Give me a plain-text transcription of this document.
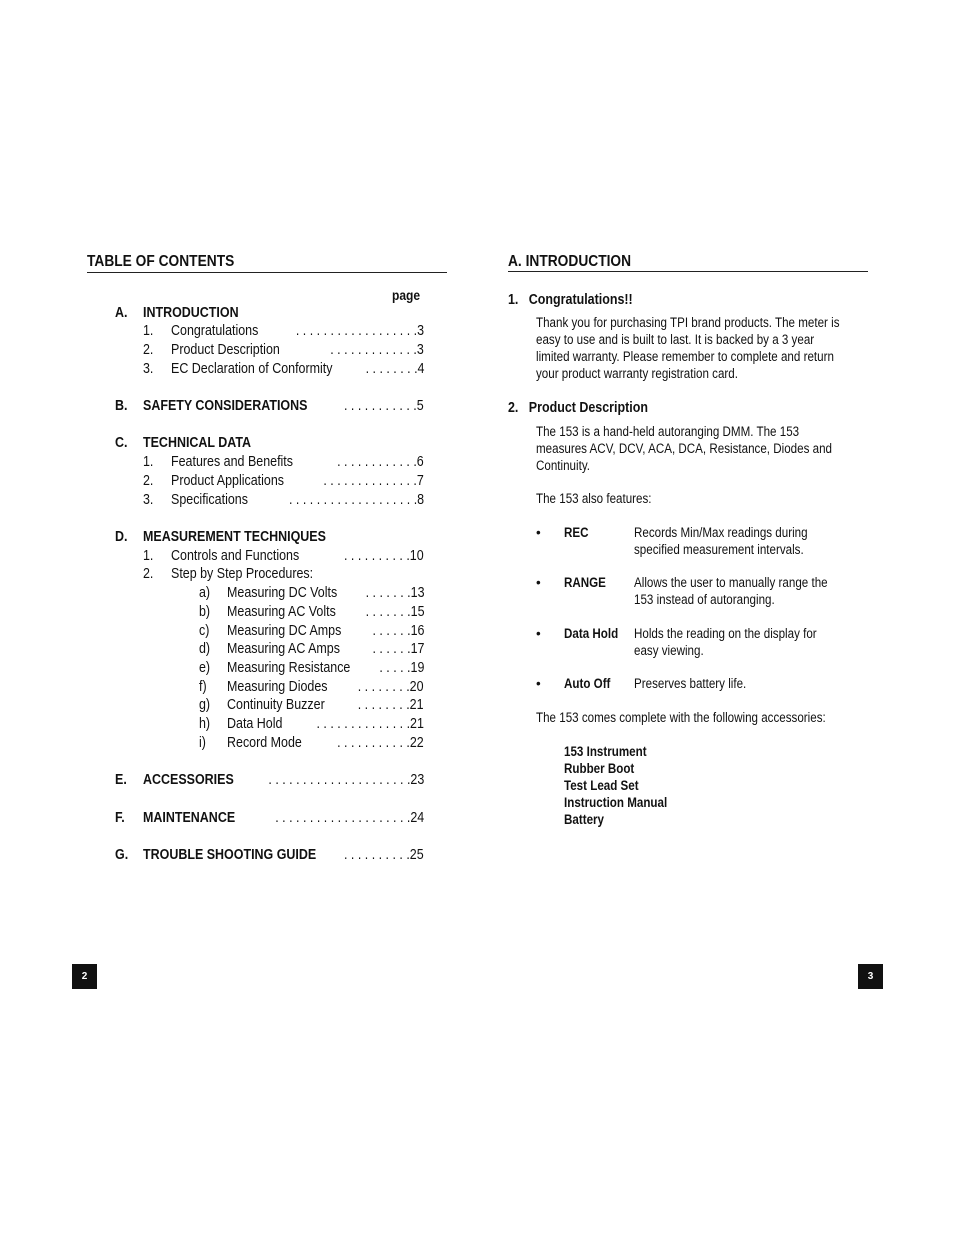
TABLE OF CONTENTS
page
A. INTRODUCTION
1. Congratulations	. . . . . . . . . . . . . . . . . .3
2. Product Description	. . . . . . . . . . . . .3
3. EC Declaration of Conformity	. . . . . . . .4
B. SAFETY CONSIDERATIONS	. . . . . . . . . . .5
C. TECHNICAL DATA
1. Features and Benefits	. . . . . . . . . . . .6
2. Product Applications	. . . . . . . . . . . . . .7
3. Specifications	. . . . . . . . . . . . . . . . . . .8
D. MEASUREMENT TECHNIQUES
1. Controls and Functions	. . . . . . . . . .10
2. Step by Step Procedures:
a) Measuring DC Volts	. . . . . . .13
b) Measuring AC Volts	. . . . . . .15
c) Measuring DC Amps	. . . . . .16
d) Measuring AC Amps	. . . . . .17
e) Measuring Resistance	. . . . .19
f) Measuring Diodes	. . . . . . . .20
g) Continuity Buzzer	. . . . . . . .21
h) Data Hold	. . . . . . . . . . . . . .21
i) Record Mode	. . . . . . . . . . .22
E. ACCESSORIES	. . . . . . . . . . . . . . . . . . . . .23
F. MAINTENANCE	. . . . . . . . . . . . . . . . . . . .24
G. TROUBLE SHOOTING GUIDE	. . . . . . . . . .25
2
A. INTRODUCTION
1.   Congratulations!!
Thank you for purchasing TPI brand products. The meter is
easy to use and is built to last. It is backed by a 3 year
limited warranty. Please remember to complete and return
your product warranty registration card.
2.   Product Description
The 153 is a hand-held autoranging DMM. The 153
measures ACV, DCV, ACA, DCA, Resistance, Diodes and
Continuity.
The 153 also features:
• REC	Records Min/Max readings during
specified measurement intervals.
• RANGE	Allows the user to manually range the
153 instead of autoranging.
• Data Hold	Holds the reading on the display for
easy viewing.
• Auto Off	Preserves battery life.
The 153 comes complete with the following accessories:
153 Instrument
Rubber Boot
Test Lead Set
Instruction Manual
Battery
3
